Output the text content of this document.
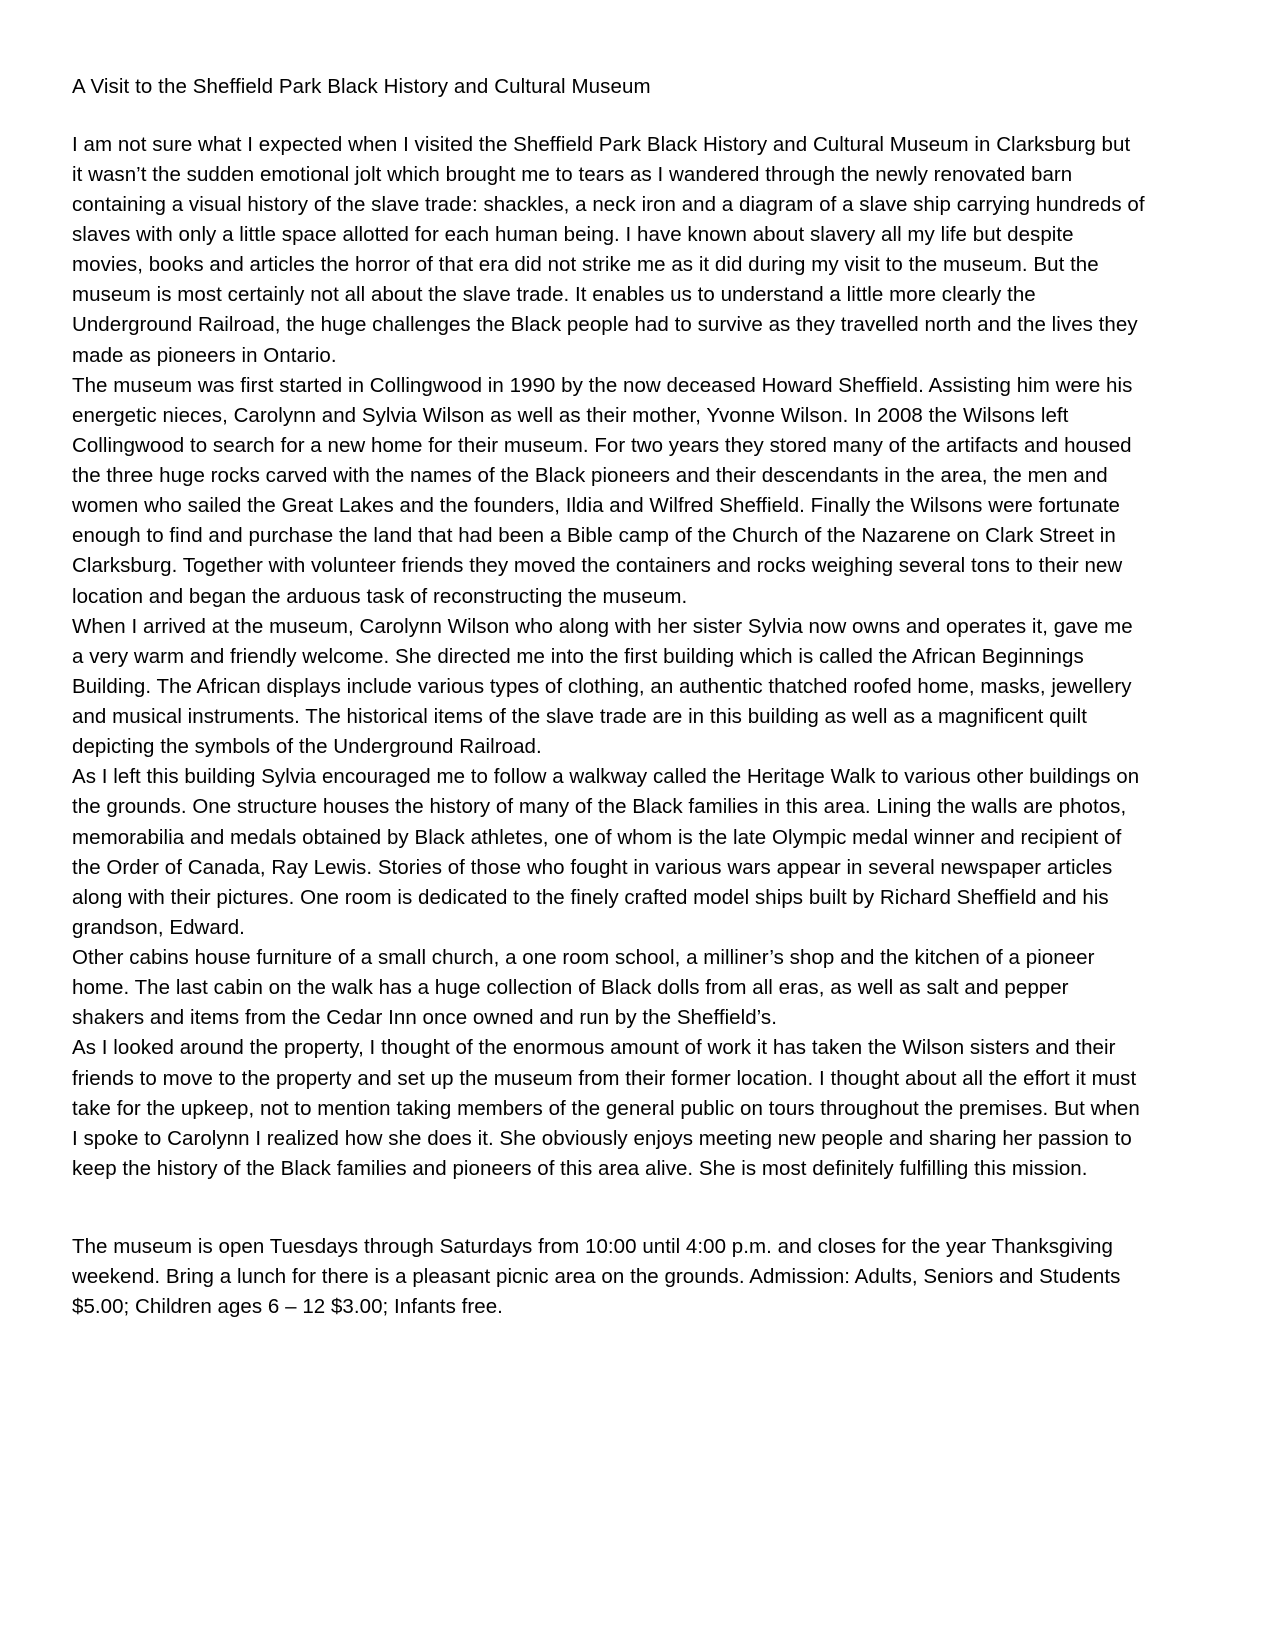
A Visit to the Sheffield Park Black History and Cultural Museum

I am not sure what I expected when I visited the Sheffield Park Black History and Cultural Museum in Clarksburg but it wasn’t the sudden emotional jolt which brought me to tears as I wandered through the newly renovated barn containing a visual history of the slave trade: shackles, a neck iron and a diagram of a slave ship carrying hundreds of slaves with only a little space allotted for each human being. I have known about slavery all my life but despite movies, books and articles the horror of that era did not strike me as it did during my visit to the museum. But the museum is most certainly not all about the slave trade. It enables us to understand a little more clearly the Underground Railroad, the huge challenges the Black people had to survive as they travelled north and the lives they made as pioneers in Ontario.

The museum was first started in Collingwood in 1990 by the now deceased Howard Sheffield. Assisting him were his energetic nieces, Carolynn and Sylvia Wilson as well as their mother, Yvonne Wilson. In 2008 the Wilsons left Collingwood to search for a new home for their museum. For two years they stored many of the artifacts and housed the three huge rocks carved with the names of the Black pioneers and their descendants in the area, the men and women who sailed the Great Lakes and the founders, Ildia and Wilfred Sheffield. Finally the Wilsons were fortunate enough to find and purchase the land that had been a Bible camp of the Church of the Nazarene on Clark Street in Clarksburg. Together with volunteer friends they moved the containers and rocks weighing several tons to their new location and began the arduous task of reconstructing the museum.

When I arrived at the museum, Carolynn Wilson who along with her sister Sylvia now owns and operates it, gave me a very warm and friendly welcome. She directed me into the first building which is called the African Beginnings Building. The African displays include various types of clothing, an authentic thatched roofed home, masks, jewellery and musical instruments. The historical items of the slave trade are in this building as well as a magnificent quilt depicting the symbols of the Underground Railroad.

As I left this building Sylvia encouraged me to follow a walkway called the Heritage Walk to various other buildings on the grounds. One structure houses the history of many of the Black families in this area. Lining the walls are photos, memorabilia and medals obtained by Black athletes, one of whom is the late Olympic medal winner and recipient of the Order of Canada, Ray Lewis. Stories of those who fought in various wars appear in several newspaper articles along with their pictures. One room is dedicated to the finely crafted model ships built by Richard Sheffield and his grandson, Edward.

Other cabins house furniture of a small church, a one room school, a milliner’s shop and the kitchen of a pioneer home. The last cabin on the walk has a huge collection of Black dolls from all eras, as well as salt and pepper shakers and items from the Cedar Inn once owned and run by the Sheffield’s.

As I looked around the property, I thought of the enormous amount of work it has taken the Wilson sisters and their friends to move to the property and set up the museum from their former location. I thought about all the effort it must take for the upkeep, not to mention taking members of the general public on tours throughout the premises. But when I spoke to Carolynn I realized how she does it. She obviously enjoys meeting new people and sharing her passion to keep the history of the Black families and pioneers of this area alive. She is most definitely fulfilling this mission.

The museum is open Tuesdays through Saturdays from 10:00 until 4:00 p.m. and closes for the year Thanksgiving weekend. Bring a lunch for there is a pleasant picnic area on the grounds. Admission: Adults, Seniors and Students $5.00; Children ages 6 – 12 $3.00; Infants free.
